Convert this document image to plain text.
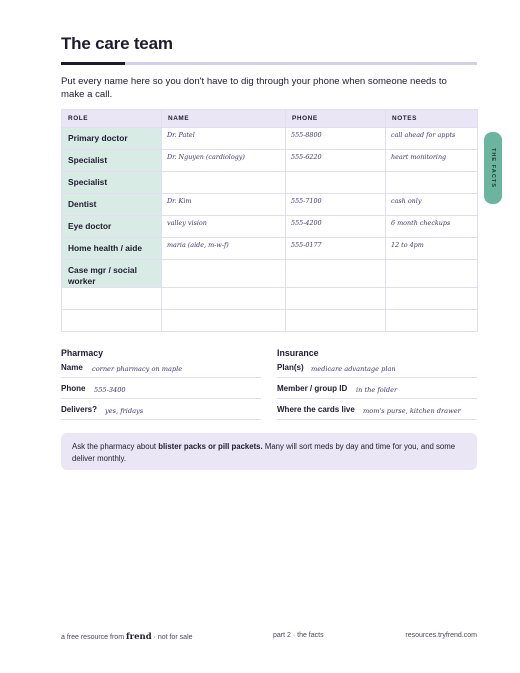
The care team
Put every name here so you don't have to dig through your phone when someone needs to make a call.
THE FACTS
ROLE	NAME	PHONE	NOTES
Primary doctor	Dr. Patel	555-8800	call ahead for appts
Specialist	Dr. Nguyen (cardiology)	555-6220	heart monitoring
Specialist			
Dentist	Dr. Kim	555-7100	cash only
Eye doctor	valley vision	555-4200	6 month checkups
Home health / aide	maria (aide, m-w-f)	555-0177	12 to 4pm
Case mgr / social worker			

Pharmacy
Name corner pharmacy on maple
Phone 555-3400
Delivers? yes, fridays
Insurance
Plan(s) medicare advantage plan
Member / group ID in the folder
Where the cards live mom's purse, kitchen drawer
Ask the pharmacy about blister packs or pill packets. Many will sort meds by day and time for you, and some deliver monthly.
a free resource from frend · not for sale	part 2 · the facts	resources.tryfrend.com
